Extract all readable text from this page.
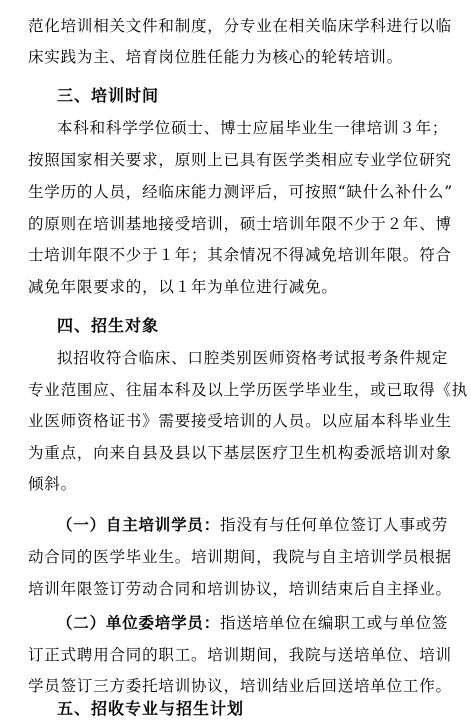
范化培训相关文件和制度，分专业在相关临床学科进行以临
床实践为主、培育岗位胜任能力为核心的轮转培训。
三、培训时间
本科和科学学位硕士、博士应届毕业生一律培训３年；
按照国家相关要求，原则上已具有医学类相应专业学位研究
生学历的人员，经临床能力测评后，可按照“缺什么补什么”
的原则在培训基地接受培训，硕士培训年限不少于２年、博
士培训年限不少于１年；其余情况不得减免培训年限。符合
减免年限要求的，以１年为单位进行减免。
四、招生对象
拟招收符合临床、口腔类别医师资格考试报考条件规定
专业范围应、往届本科及以上学历医学毕业生，或已取得《执
业医师资格证书》需要接受培训的人员。以应届本科毕业生
为重点，向来自县及县以下基层医疗卫生机构委派培训对象
倾斜。
（一）自主培训学员：指没有与任何单位签订人事或劳
动合同的医学毕业生。培训期间，我院与自主培训学员根据
培训年限签订劳动合同和培训协议，培训结束后自主择业。
（二）单位委培学员：指送培单位在编职工或与单位签
订正式聘用合同的职工。培训期间，我院与送培单位、培训
学员签订三方委托培训协议，培训结业后回送培单位工作。
五、招收专业与招生计划
